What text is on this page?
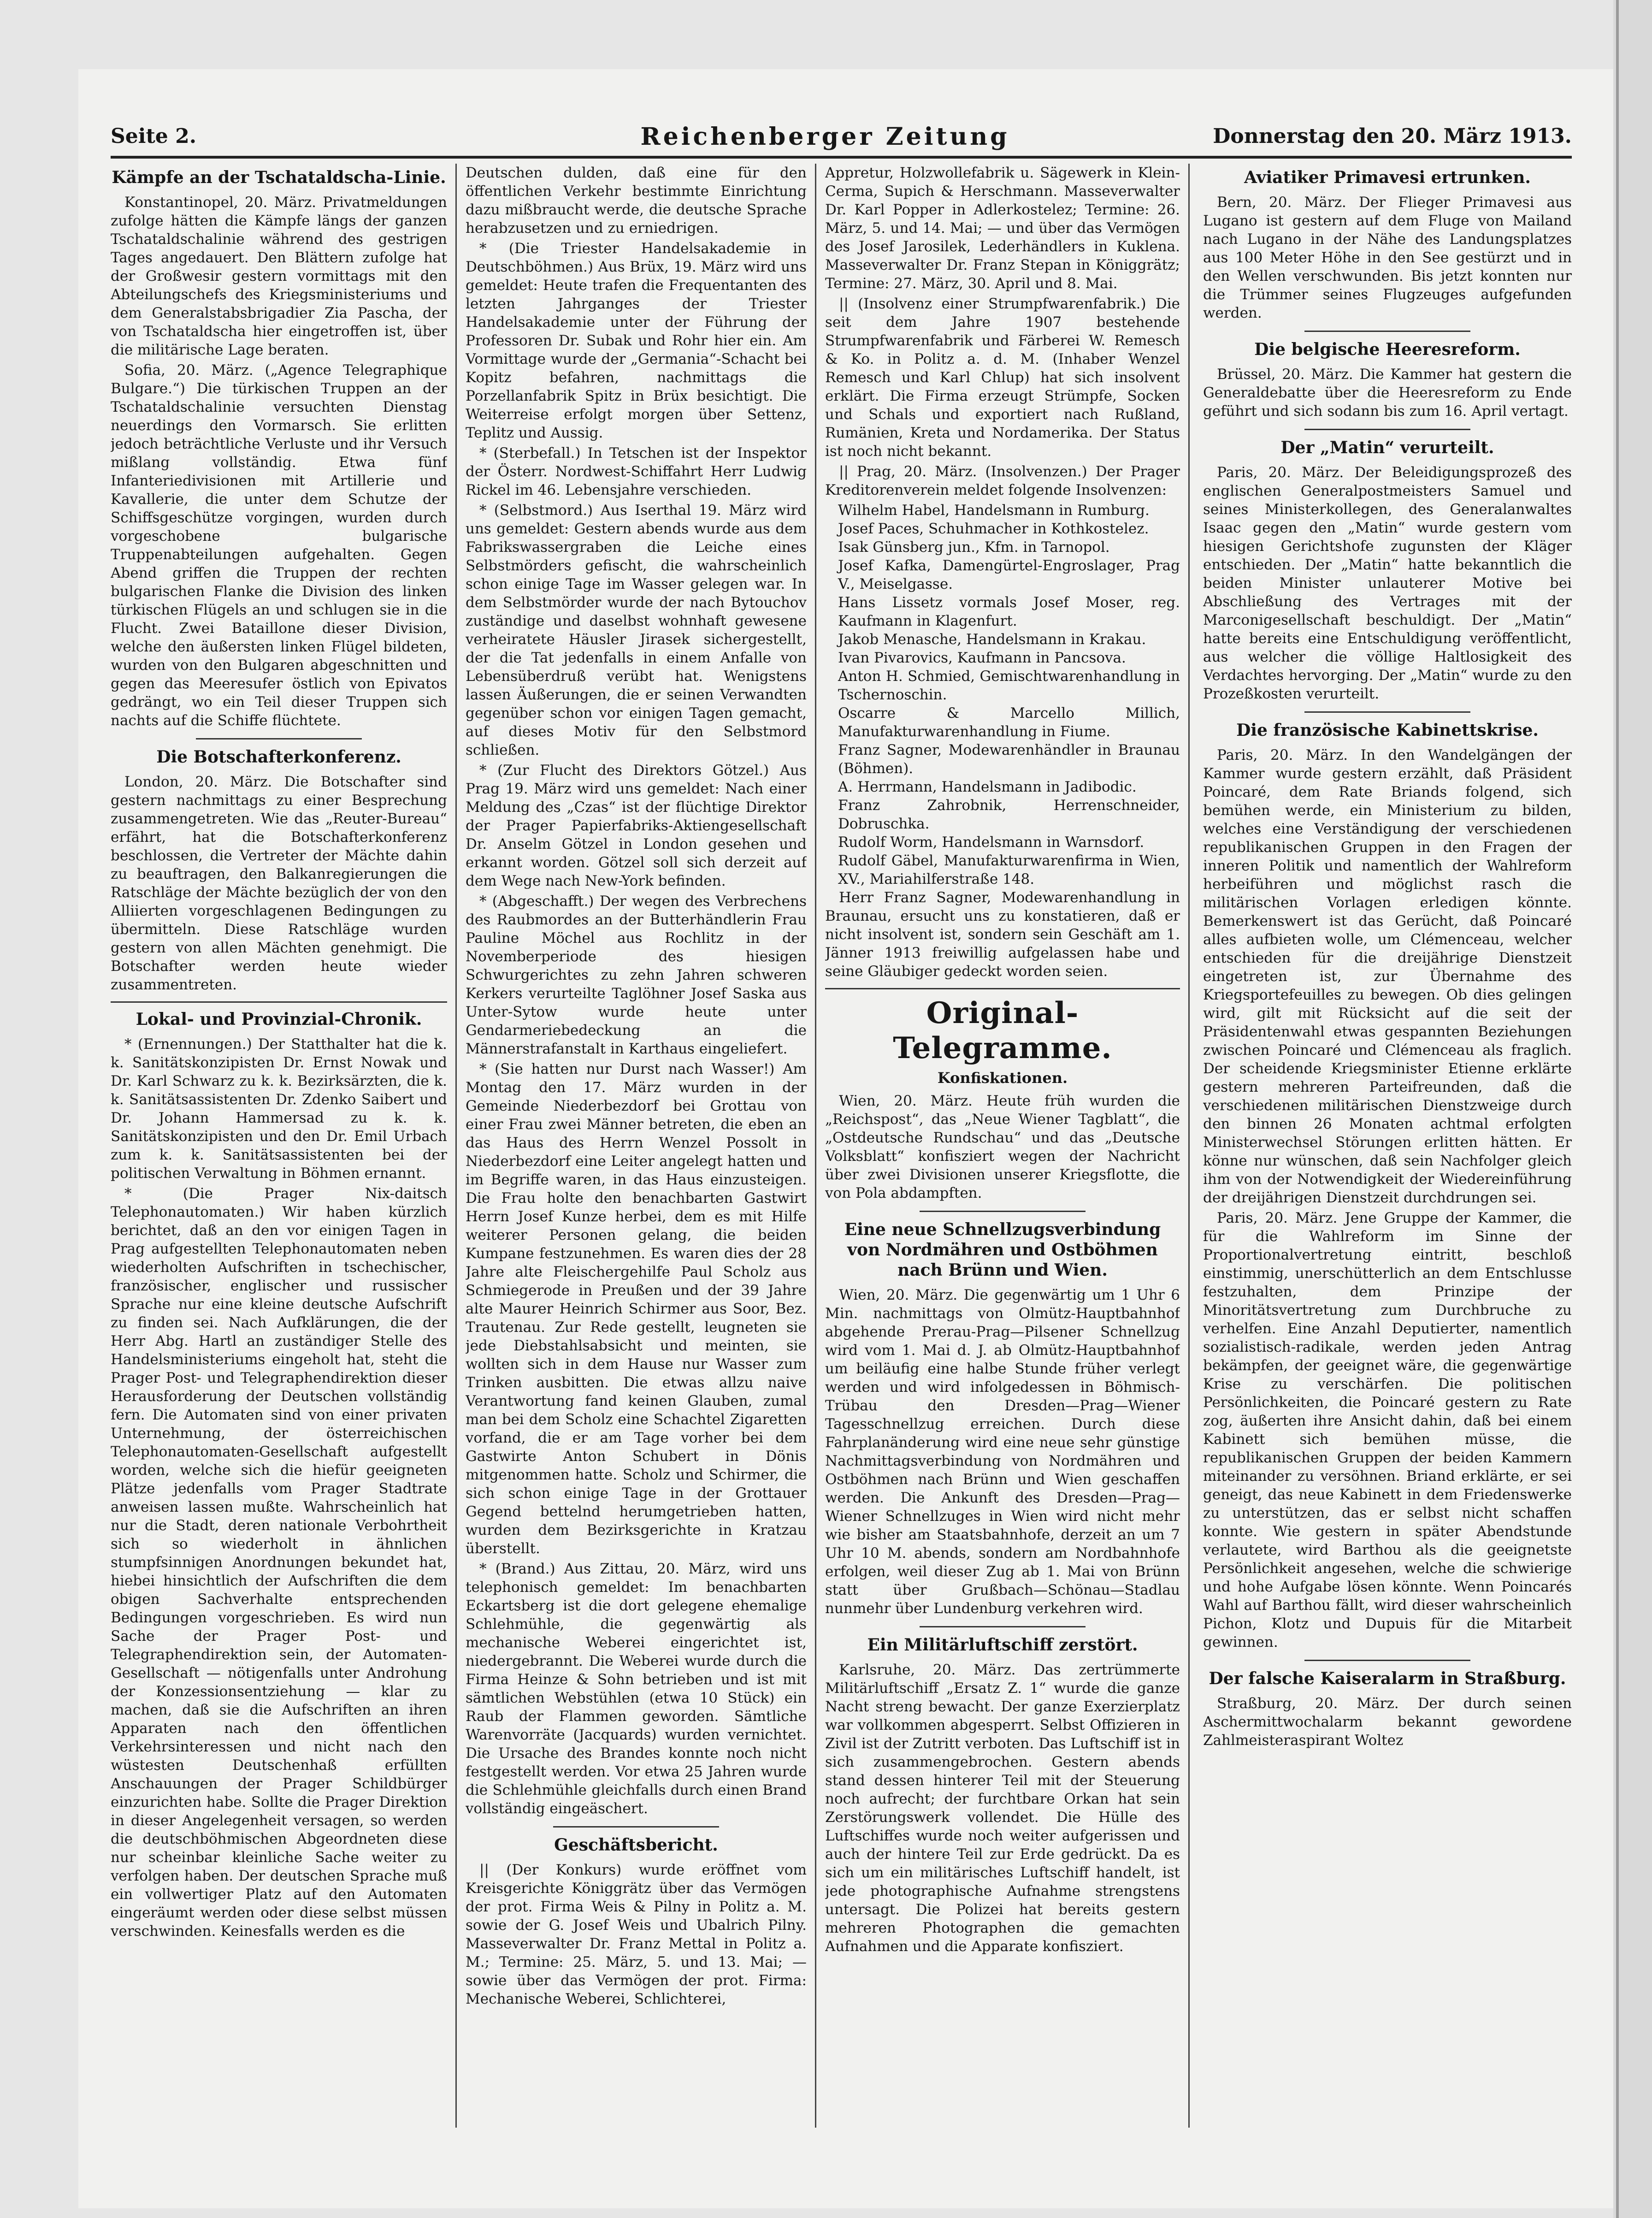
Seite 2.	Reichenberger Zeitung	Donnerstag den 20. März 1913.
Kämpfe an der Tschataldscha-Linie.

Konstantinopel, 20. März. Privatmeldungen zufolge hätten die Kämpfe längs der ganzen Tschataldschalinie während des gestrigen Tages angedauert. Den Blättern zufolge hat der Großwesir gestern vormittags mit den Abteilungschefs des Kriegsministeriums und dem Generalstabsbrigadier Zia Pascha, der von Tschataldscha hier eingetroffen ist, über die militärische Lage beraten.

Sofia, 20. März. („Agence Telegraphique Bulgare.“) Die türkischen Truppen an der Tschataldschalinie versuchten Dienstag neuerdings den Vormarsch. Sie erlitten jedoch beträchtliche Verluste und ihr Versuch mißlang vollständig. Etwa fünf Infanteriedivisionen mit Artillerie und Kavallerie, die unter dem Schutze der Schiffsgeschütze vorgingen, wurden durch vorgeschobene bulgarische Truppenabteilungen aufgehalten. Gegen Abend griffen die Truppen der rechten bulgarischen Flanke die Division des linken türkischen Flügels an und schlugen sie in die Flucht. Zwei Bataillone dieser Division, welche den äußersten linken Flügel bildeten, wurden von den Bulgaren abgeschnitten und gegen das Meeresufer östlich von Epivatos gedrängt, wo ein Teil dieser Truppen sich nachts auf die Schiffe flüchtete.

Die Botschafterkonferenz.

London, 20. März. Die Botschafter sind gestern nachmittags zu einer Besprechung zusammengetreten. Wie das „Reuter-Bureau“ erfährt, hat die Botschafterkonferenz beschlossen, die Vertreter der Mächte dahin zu beauftragen, den Balkanregierungen die Ratschläge der Mächte bezüglich der von den Alliierten vorgeschlagenen Bedingungen zu übermitteln. Diese Ratschläge wurden gestern von allen Mächten genehmigt. Die Botschafter werden heute wieder zusammentreten.

Lokal- und Provinzial-Chronik.

* (Ernennungen.) Der Statthalter hat die k. k. Sanitätskonzipisten Dr. Ernst Nowak und Dr. Karl Schwarz zu k. k. Bezirksärzten, die k. k. Sanitätsassistenten Dr. Zdenko Saibert und Dr. Johann Hammersad zu k. k. Sanitätskonzipisten und den Dr. Emil Urbach zum k. k. Sanitätsassistenten bei der politischen Verwaltung in Böhmen ernannt.

* (Die Prager Nix-daitsch Telephonautomaten.) Wir haben kürzlich berichtet, daß an den vor einigen Tagen in Prag aufgestellten Telephonautomaten neben wiederholten Aufschriften in tschechischer, französischer, englischer und russischer Sprache nur eine kleine deutsche Aufschrift zu finden sei. Nach Aufklärungen, die der Herr Abg. Hartl an zuständiger Stelle des Handelsministeriums eingeholt hat, steht die Prager Post- und Telegraphendirektion dieser Herausforderung der Deutschen vollständig fern. Die Automaten sind von einer privaten Unternehmung, der österreichischen Telephonautomaten-Gesellschaft aufgestellt worden, welche sich die hiefür geeigneten Plätze jedenfalls vom Prager Stadtrate anweisen lassen mußte. Wahrscheinlich hat nur die Stadt, deren nationale Verbohrtheit sich so wiederholt in ähnlichen stumpfsinnigen Anordnungen bekundet hat, hiebei hinsichtlich der Aufschriften die dem obigen Sachverhalte entsprechenden Bedingungen vorgeschrieben. Es wird nun Sache der Prager Post- und Telegraphendirektion sein, der Automaten-Gesellschaft — nötigenfalls unter Androhung der Konzessionsentziehung — klar zu machen, daß sie die Aufschriften an ihren Apparaten nach den öffentlichen Verkehrsinteressen und nicht nach den wüstesten Deutschenhaß erfüllten Anschauungen der Prager Schildbürger einzurichten habe. Sollte die Prager Direktion in dieser Angelegenheit versagen, so werden die deutschböhmischen Abgeordneten diese nur scheinbar kleinliche Sache weiter zu verfolgen haben. Der deutschen Sprache muß ein vollwertiger Platz auf den Automaten eingeräumt werden oder diese selbst müssen verschwinden. Keinesfalls werden es die

Deutschen dulden, daß eine für den öffentlichen Verkehr bestimmte Einrichtung dazu mißbraucht werde, die deutsche Sprache herabzusetzen und zu erniedrigen.

* (Die Triester Handelsakademie in Deutschböhmen.) Aus Brüx, 19. März wird uns gemeldet: Heute trafen die Frequentanten des letzten Jahrganges der Triester Handelsakademie unter der Führung der Professoren Dr. Subak und Rohr hier ein. Am Vormittage wurde der „Germania“-Schacht bei Kopitz befahren, nachmittags die Porzellanfabrik Spitz in Brüx besichtigt. Die Weiterreise erfolgt morgen über Settenz, Teplitz und Aussig.

* (Sterbefall.) In Tetschen ist der Inspektor der Österr. Nordwest-Schiffahrt Herr Ludwig Rickel im 46. Lebensjahre verschieden.

* (Selbstmord.) Aus Iserthal 19. März wird uns gemeldet: Gestern abends wurde aus dem Fabrikswassergraben die Leiche eines Selbstmörders gefischt, die wahrscheinlich schon einige Tage im Wasser gelegen war. In dem Selbstmörder wurde der nach Bytouchov zuständige und daselbst wohnhaft gewesene verheiratete Häusler Jirasek sichergestellt, der die Tat jedenfalls in einem Anfalle von Lebensüberdruß verübt hat. Wenigstens lassen Äußerungen, die er seinen Verwandten gegenüber schon vor einigen Tagen gemacht, auf dieses Motiv für den Selbstmord schließen.

* (Zur Flucht des Direktors Götzel.) Aus Prag 19. März wird uns gemeldet: Nach einer Meldung des „Czas“ ist der flüchtige Direktor der Prager Papierfabriks-Aktiengesellschaft Dr. Anselm Götzel in London gesehen und erkannt worden. Götzel soll sich derzeit auf dem Wege nach New-York befinden.

* (Abgeschafft.) Der wegen des Verbrechens des Raubmordes an der Butterhändlerin Frau Pauline Möchel aus Rochlitz in der Novemberperiode des hiesigen Schwurgerichtes zu zehn Jahren schweren Kerkers verurteilte Taglöhner Josef Saska aus Unter-Sytow wurde heute unter Gendarmeriebedeckung an die Männerstrafanstalt in Karthaus eingeliefert.

* (Sie hatten nur Durst nach Wasser!) Am Montag den 17. März wurden in der Gemeinde Niederbezdorf bei Grottau von einer Frau zwei Männer betreten, die eben an das Haus des Herrn Wenzel Possolt in Niederbezdorf eine Leiter angelegt hatten und im Begriffe waren, in das Haus einzusteigen. Die Frau holte den benachbarten Gastwirt Herrn Josef Kunze herbei, dem es mit Hilfe weiterer Personen gelang, die beiden Kumpane festzunehmen. Es waren dies der 28 Jahre alte Fleischergehilfe Paul Scholz aus Schmiegerode in Preußen und der 39 Jahre alte Maurer Heinrich Schirmer aus Soor, Bez. Trautenau. Zur Rede gestellt, leugneten sie jede Diebstahlsabsicht und meinten, sie wollten sich in dem Hause nur Wasser zum Trinken ausbitten. Die etwas allzu naive Verantwortung fand keinen Glauben, zumal man bei dem Scholz eine Schachtel Zigaretten vorfand, die er am Tage vorher bei dem Gastwirte Anton Schubert in Dönis mitgenommen hatte. Scholz und Schirmer, die sich schon einige Tage in der Grottauer Gegend bettelnd herumgetrieben hatten, wurden dem Bezirksgerichte in Kratzau überstellt.

* (Brand.) Aus Zittau, 20. März, wird uns telephonisch gemeldet: Im benachbarten Eckartsberg ist die dort gelegene ehemalige Schlehmühle, die gegenwärtig als mechanische Weberei eingerichtet ist, niedergebrannt. Die Weberei wurde durch die Firma Heinze & Sohn betrieben und ist mit sämtlichen Webstühlen (etwa 10 Stück) ein Raub der Flammen geworden. Sämtliche Warenvorräte (Jacquards) wurden vernichtet. Die Ursache des Brandes konnte noch nicht festgestellt werden. Vor etwa 25 Jahren wurde die Schlehmühle gleichfalls durch einen Brand vollständig eingeäschert.

Geschäftsbericht.

|| (Der Konkurs) wurde eröffnet vom Kreisgerichte Königgrätz über das Vermögen der prot. Firma Weis & Pilny in Politz a. M. sowie der G. Josef Weis und Ubalrich Pilny. Masseverwalter Dr. Franz Mettal in Politz a. M.; Termine: 25. März, 5. und 13. Mai; — sowie über das Vermögen der prot. Firma: Mechanische Weberei, Schlichterei,

Appretur, Holzwollefabrik u. Sägewerk in Klein-Cerma, Supich & Herschmann. Masseverwalter Dr. Karl Popper in Adlerkostelez; Termine: 26. März, 5. und 14. Mai; — und über das Vermögen des Josef Jarosilek, Lederhändlers in Kuklena. Masseverwalter Dr. Franz Stepan in Königgrätz; Termine: 27. März, 30. April und 8. Mai.

|| (Insolvenz einer Strumpfwarenfabrik.) Die seit dem Jahre 1907 bestehende Strumpfwarenfabrik und Färberei W. Remesch & Ko. in Politz a. d. M. (Inhaber Wenzel Remesch und Karl Chlup) hat sich insolvent erklärt. Die Firma erzeugt Strümpfe, Socken und Schals und exportiert nach Rußland, Rumänien, Kreta und Nordamerika. Der Status ist noch nicht bekannt.

|| Prag, 20. März. (Insolvenzen.) Der Prager Kreditorenverein meldet folgende Insolvenzen:

Wilhelm Habel, Handelsmann in Rumburg.
Josef Paces, Schuhmacher in Kothkostelez.
Isak Günsberg jun., Kfm. in Tarnopol.
Josef Kafka, Damengürtel-Engroslager, Prag V., Meiselgasse.
Hans Lissetz vormals Josef Moser, reg. Kaufmann in Klagenfurt.
Jakob Menasche, Handelsmann in Krakau.
Ivan Pivarovics, Kaufmann in Pancsova.
Anton H. Schmied, Gemischtwarenhandlung in Tschernoschin.
Oscarre & Marcello Millich, Manufakturwarenhandlung in Fiume.
Franz Sagner, Modewarenhändler in Braunau (Böhmen).
A. Herrmann, Handelsmann in Jadibodic.
Franz Zahrobnik, Herrenschneider, Dobruschka.
Rudolf Worm, Handelsmann in Warnsdorf.
Rudolf Gäbel, Manufakturwarenfirma in Wien, XV., Mariahilferstraße 148.

Herr Franz Sagner, Modewarenhandlung in Braunau, ersucht uns zu konstatieren, daß er nicht insolvent ist, sondern sein Geschäft am 1. Jänner 1913 freiwillig aufgelassen habe und seine Gläubiger gedeckt worden seien.

Original-Telegramme.
Konfiskationen.

Wien, 20. März. Heute früh wurden die „Reichspost“, das „Neue Wiener Tagblatt“, die „Ostdeutsche Rundschau“ und das „Deutsche Volksblatt“ konfisziert wegen der Nachricht über zwei Divisionen unserer Kriegsflotte, die von Pola abdampften.

Eine neue Schnellzugsverbindung von Nordmähren und Ostböhmen nach Brünn und Wien.

Wien, 20. März. Die gegenwärtig um 1 Uhr 6 Min. nachmittags von Olmütz-Hauptbahnhof abgehende Prerau-Prag—Pilsener Schnellzug wird vom 1. Mai d. J. ab Olmütz-Hauptbahnhof um beiläufig eine halbe Stunde früher verlegt werden und wird infolgedessen in Böhmisch-Trübau den Dresden—Prag—Wiener Tagesschnellzug erreichen. Durch diese Fahrplanänderung wird eine neue sehr günstige Nachmittagsverbindung von Nordmähren und Ostböhmen nach Brünn und Wien geschaffen werden. Die Ankunft des Dresden—Prag—Wiener Schnellzuges in Wien wird nicht mehr wie bisher am Staatsbahnhofe, derzeit an um 7 Uhr 10 M. abends, sondern am Nordbahnhofe erfolgen, weil dieser Zug ab 1. Mai von Brünn statt über Grußbach—Schönau—Stadlau nunmehr über Lundenburg verkehren wird.

Ein Militärluftschiff zerstört.

Karlsruhe, 20. März. Das zertrümmerte Militärluftschiff „Ersatz Z. 1“ wurde die ganze Nacht streng bewacht. Der ganze Exerzierplatz war vollkommen abgesperrt. Selbst Offizieren in Zivil ist der Zutritt verboten. Das Luftschiff ist in sich zusammengebrochen. Gestern abends stand dessen hinterer Teil mit der Steuerung noch aufrecht; der furchtbare Orkan hat sein Zerstörungswerk vollendet. Die Hülle des Luftschiffes wurde noch weiter aufgerissen und auch der hintere Teil zur Erde gedrückt. Da es sich um ein militärisches Luftschiff handelt, ist jede photographische Aufnahme strengstens untersagt. Die Polizei hat bereits gestern mehreren Photographen die gemachten Aufnahmen und die Apparate konfisziert.

Aviatiker Primavesi ertrunken.

Bern, 20. März. Der Flieger Primavesi aus Lugano ist gestern auf dem Fluge von Mailand nach Lugano in der Nähe des Landungsplatzes aus 100 Meter Höhe in den See gestürzt und in den Wellen verschwunden. Bis jetzt konnten nur die Trümmer seines Flugzeuges aufgefunden werden.

Die belgische Heeresreform.

Brüssel, 20. März. Die Kammer hat gestern die Generaldebatte über die Heeresreform zu Ende geführt und sich sodann bis zum 16. April vertagt.

Der „Matin“ verurteilt.

Paris, 20. März. Der Beleidigungsprozeß des englischen Generalpostmeisters Samuel und seines Ministerkollegen, des Generalanwaltes Isaac gegen den „Matin“ wurde gestern vom hiesigen Gerichtshofe zugunsten der Kläger entschieden. Der „Matin“ hatte bekanntlich die beiden Minister unlauterer Motive bei Abschließung des Vertrages mit der Marconigesellschaft beschuldigt. Der „Matin“ hatte bereits eine Entschuldigung veröffentlicht, aus welcher die völlige Haltlosigkeit des Verdachtes hervorging. Der „Matin“ wurde zu den Prozeßkosten verurteilt.

Die französische Kabinettskrise.

Paris, 20. März. In den Wandelgängen der Kammer wurde gestern erzählt, daß Präsident Poincaré, dem Rate Briands folgend, sich bemühen werde, ein Ministerium zu bilden, welches eine Verständigung der verschiedenen republikanischen Gruppen in den Fragen der inneren Politik und namentlich der Wahlreform herbeiführen und möglichst rasch die militärischen Vorlagen erledigen könnte. Bemerkenswert ist das Gerücht, daß Poincaré alles aufbieten wolle, um Clémenceau, welcher entschieden für die dreijährige Dienstzeit eingetreten ist, zur Übernahme des Kriegsportefeuilles zu bewegen. Ob dies gelingen wird, gilt mit Rücksicht auf die seit der Präsidentenwahl etwas gespannten Beziehungen zwischen Poincaré und Clémenceau als fraglich. Der scheidende Kriegsminister Etienne erklärte gestern mehreren Parteifreunden, daß die verschiedenen militärischen Dienstzweige durch den binnen 26 Monaten achtmal erfolgten Ministerwechsel Störungen erlitten hätten. Er könne nur wünschen, daß sein Nachfolger gleich ihm von der Notwendigkeit der Wiedereinführung der dreijährigen Dienstzeit durchdrungen sei.

Paris, 20. März. Jene Gruppe der Kammer, die für die Wahlreform im Sinne der Proportionalvertretung eintritt, beschloß einstimmig, unerschütterlich an dem Entschlusse festzuhalten, dem Prinzipe der Minoritätsvertretung zum Durchbruche zu verhelfen. Eine Anzahl Deputierter, namentlich sozialistisch-radikale, werden jeden Antrag bekämpfen, der geeignet wäre, die gegenwärtige Krise zu verschärfen. Die politischen Persönlichkeiten, die Poincaré gestern zu Rate zog, äußerten ihre Ansicht dahin, daß bei einem Kabinett sich bemühen müsse, die republikanischen Gruppen der beiden Kammern miteinander zu versöhnen. Briand erklärte, er sei geneigt, das neue Kabinett in dem Friedenswerke zu unterstützen, das er selbst nicht schaffen konnte. Wie gestern in später Abendstunde verlautete, wird Barthou als die geeignetste Persönlichkeit angesehen, welche die schwierige und hohe Aufgabe lösen könnte. Wenn Poincarés Wahl auf Barthou fällt, wird dieser wahrscheinlich Pichon, Klotz und Dupuis für die Mitarbeit gewinnen.

Der falsche Kaiseralarm in Straßburg.

Straßburg, 20. März. Der durch seinen Aschermittwochalarm bekannt gewordene Zahlmeisteraspirant Woltez
